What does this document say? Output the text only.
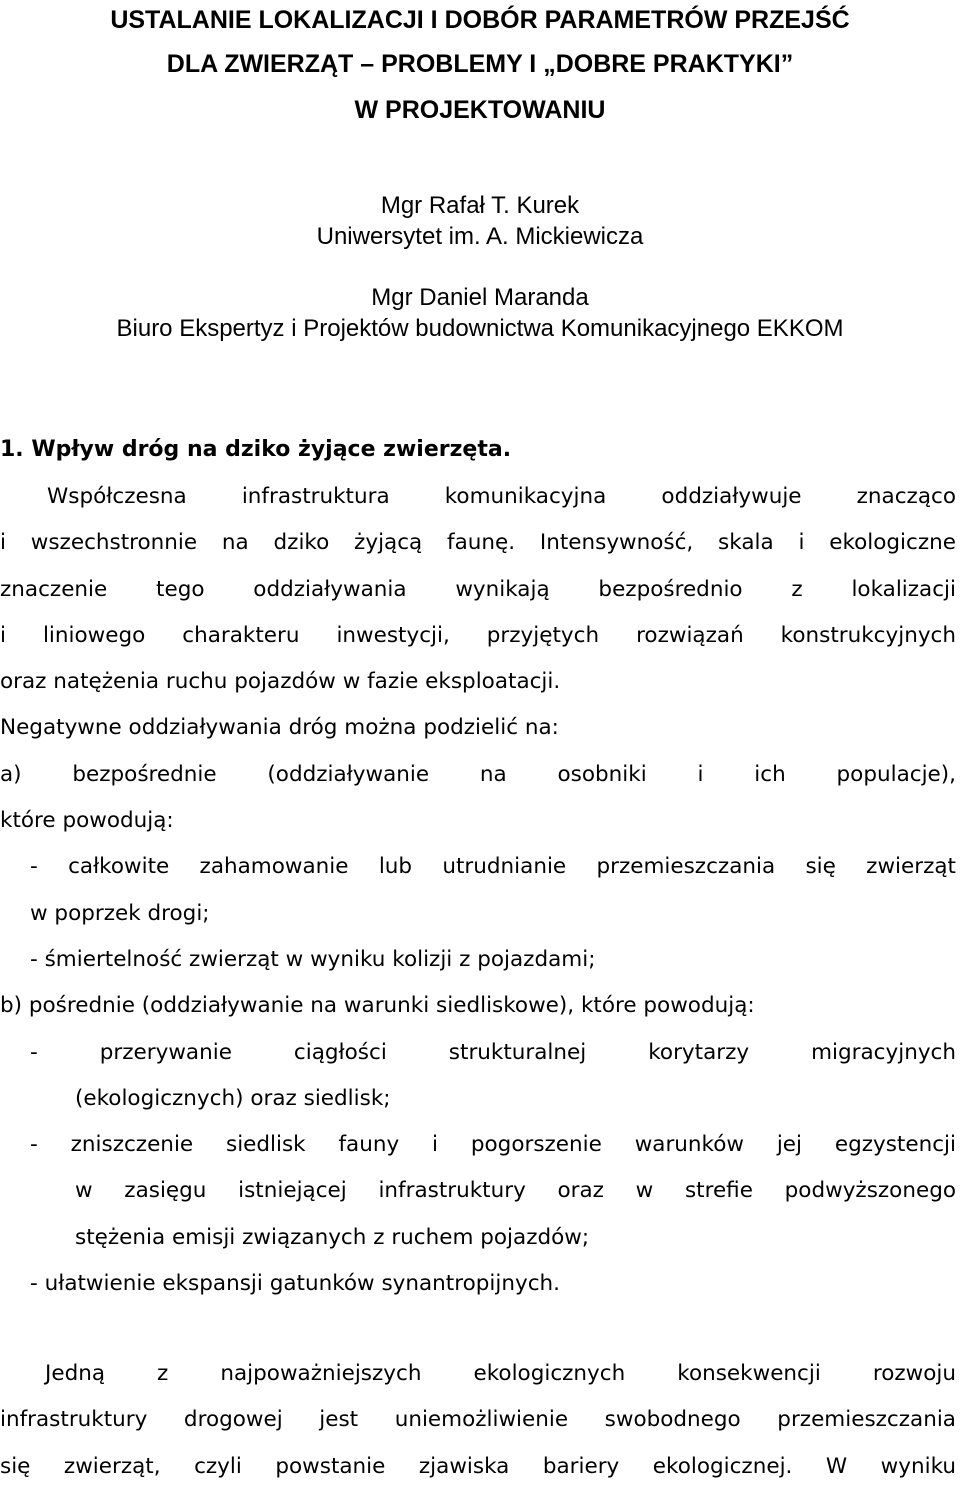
USTALANIE LOKALIZACJI I DOBÓR PARAMETRÓW PRZEJŚĆ
DLA ZWIERZĄT – PROBLEMY I „DOBRE PRAKTYKI”
W PROJEKTOWANIU
Mgr Rafał T. Kurek
Uniwersytet im. A. Mickiewicza
Mgr Daniel Maranda
Biuro Ekspertyz i Projektów budownictwa Komunikacyjnego EKKOM
1. Wpływ dróg na dziko żyjące zwierzęta.
Współczesna infrastruktura komunikacyjna oddziaływuje znacząco
i wszechstronnie na dziko żyjącą faunę. Intensywność, skala i ekologiczne
znaczenie tego oddziaływania wynikają bezpośrednio z lokalizacji
i liniowego charakteru inwestycji, przyjętych rozwiązań konstrukcyjnych
oraz natężenia ruchu pojazdów w fazie eksploatacji.
Negatywne oddziaływania dróg można podzielić na:
a) bezpośrednie (oddziaływanie na osobniki i ich populacje),
które powodują:
- całkowite zahamowanie lub utrudnianie przemieszczania się zwierząt
w poprzek drogi;
- śmiertelność zwierząt w wyniku kolizji z pojazdami;
b) pośrednie (oddziaływanie na warunki siedliskowe), które powodują:
- przerywanie ciągłości strukturalnej korytarzy migracyjnych
(ekologicznych) oraz siedlisk;
- zniszczenie siedlisk fauny i pogorszenie warunków jej egzystencji
w zasięgu istniejącej infrastruktury oraz w strefie podwyższonego
stężenia emisji związanych z ruchem pojazdów;
- ułatwienie ekspansji gatunków synantropijnych.
Jedną z najpoważniejszych ekologicznych konsekwencji rozwoju
infrastruktury drogowej jest uniemożliwienie swobodnego przemieszczania
się zwierząt, czyli powstanie zjawiska bariery ekologicznej. W wyniku
